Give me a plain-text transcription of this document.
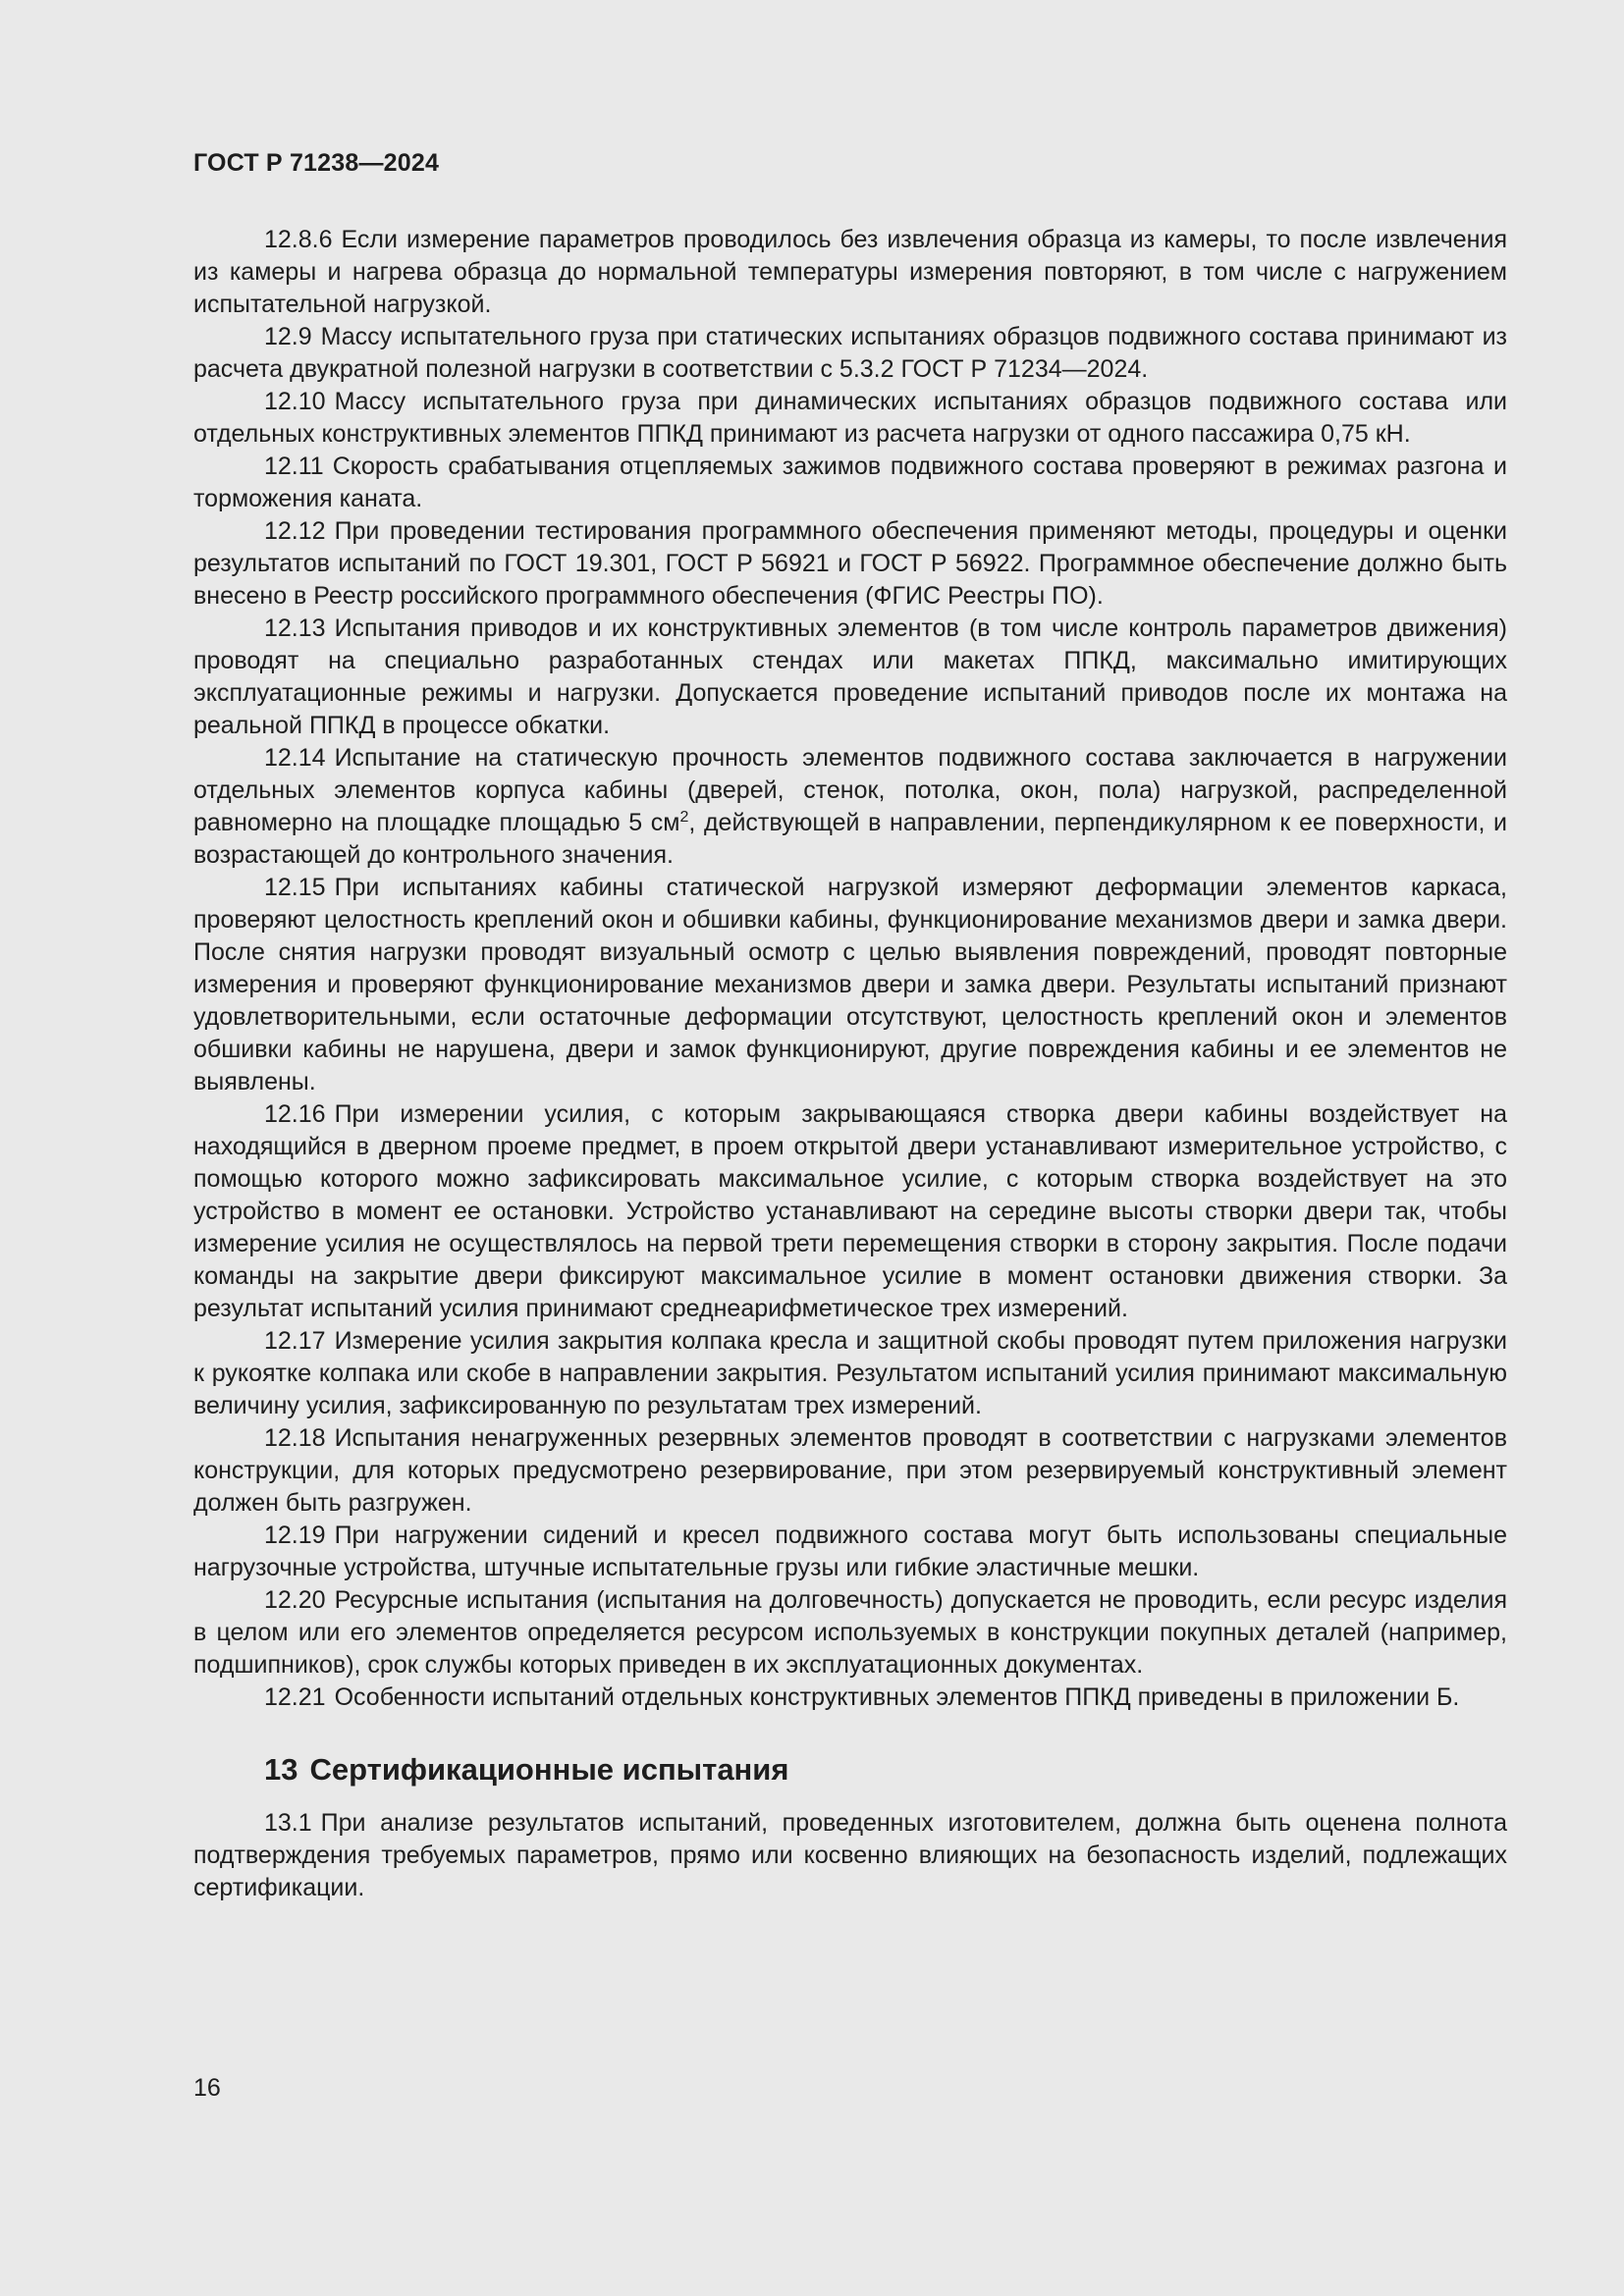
ГОСТ Р 71238—2024

12.8.6 Если измерение параметров проводилось без извлечения образца из камеры, то после извлечения из камеры и нагрева образца до нормальной температуры измерения повторяют, в том числе с нагружением испытательной нагрузкой.

12.9 Массу испытательного груза при статических испытаниях образцов подвижного состава принимают из расчета двукратной полезной нагрузки в соответствии с 5.3.2 ГОСТ Р 71234—2024.

12.10 Массу испытательного груза при динамических испытаниях образцов подвижного состава или отдельных конструктивных элементов ППКД принимают из расчета нагрузки от одного пассажира 0,75 кН.

12.11 Скорость срабатывания отцепляемых зажимов подвижного состава проверяют в режимах разгона и торможения каната.

12.12 При проведении тестирования программного обеспечения применяют методы, процедуры и оценки результатов испытаний по ГОСТ 19.301, ГОСТ Р 56921 и ГОСТ Р 56922. Программное обеспечение должно быть внесено в Реестр российского программного обеспечения (ФГИС Реестры ПО).

12.13 Испытания приводов и их конструктивных элементов (в том числе контроль параметров движения) проводят на специально разработанных стендах или макетах ППКД, максимально имитирующих эксплуатационные режимы и нагрузки. Допускается проведение испытаний приводов после их монтажа на реальной ППКД в процессе обкатки.

12.14 Испытание на статическую прочность элементов подвижного состава заключается в нагружении отдельных элементов корпуса кабины (дверей, стенок, потолка, окон, пола) нагрузкой, распределенной равномерно на площадке площадью 5 $см^2$, действующей в направлении, перпендикулярном к ее поверхности, и возрастающей до контрольного значения.

12.15 При испытаниях кабины статической нагрузкой измеряют деформации элементов каркаса, проверяют целостность креплений окон и обшивки кабины, функционирование механизмов двери и замка двери. После снятия нагрузки проводят визуальный осмотр с целью выявления повреждений, проводят повторные измерения и проверяют функционирование механизмов двери и замка двери. Результаты испытаний признают удовлетворительными, если остаточные деформации отсутствуют, целостность креплений окон и элементов обшивки кабины не нарушена, двери и замок функционируют, другие повреждения кабины и ее элементов не выявлены.

12.16 При измерении усилия, с которым закрывающаяся створка двери кабины воздействует на находящийся в дверном проеме предмет, в проем открытой двери устанавливают измерительное устройство, с помощью которого можно зафиксировать максимальное усилие, с которым створка воздействует на это устройство в момент ее остановки. Устройство устанавливают на середине высоты створки двери так, чтобы измерение усилия не осуществлялось на первой трети перемещения створки в сторону закрытия. После подачи команды на закрытие двери фиксируют максимальное усилие в момент остановки движения створки. За результат испытаний усилия принимают среднеарифметическое трех измерений.

12.17 Измерение усилия закрытия колпака кресла и защитной скобы проводят путем приложения нагрузки к рукоятке колпака или скобе в направлении закрытия. Результатом испытаний усилия принимают максимальную величину усилия, зафиксированную по результатам трех измерений.

12.18 Испытания ненагруженных резервных элементов проводят в соответствии с нагрузками элементов конструкции, для которых предусмотрено резервирование, при этом резервируемый конструктивный элемент должен быть разгружен.

12.19 При нагружении сидений и кресел подвижного состава могут быть использованы специальные нагрузочные устройства, штучные испытательные грузы или гибкие эластичные мешки.

12.20 Ресурсные испытания (испытания на долговечность) допускается не проводить, если ресурс изделия в целом или его элементов определяется ресурсом используемых в конструкции покупных деталей (например, подшипников), срок службы которых приведен в их эксплуатационных документах.

12.21 Особенности испытаний отдельных конструктивных элементов ППКД приведены в приложении Б.

13 Сертификационные испытания

13.1 При анализе результатов испытаний, проведенных изготовителем, должна быть оценена полнота подтверждения требуемых параметров, прямо или косвенно влияющих на безопасность изделий, подлежащих сертификации.

16
